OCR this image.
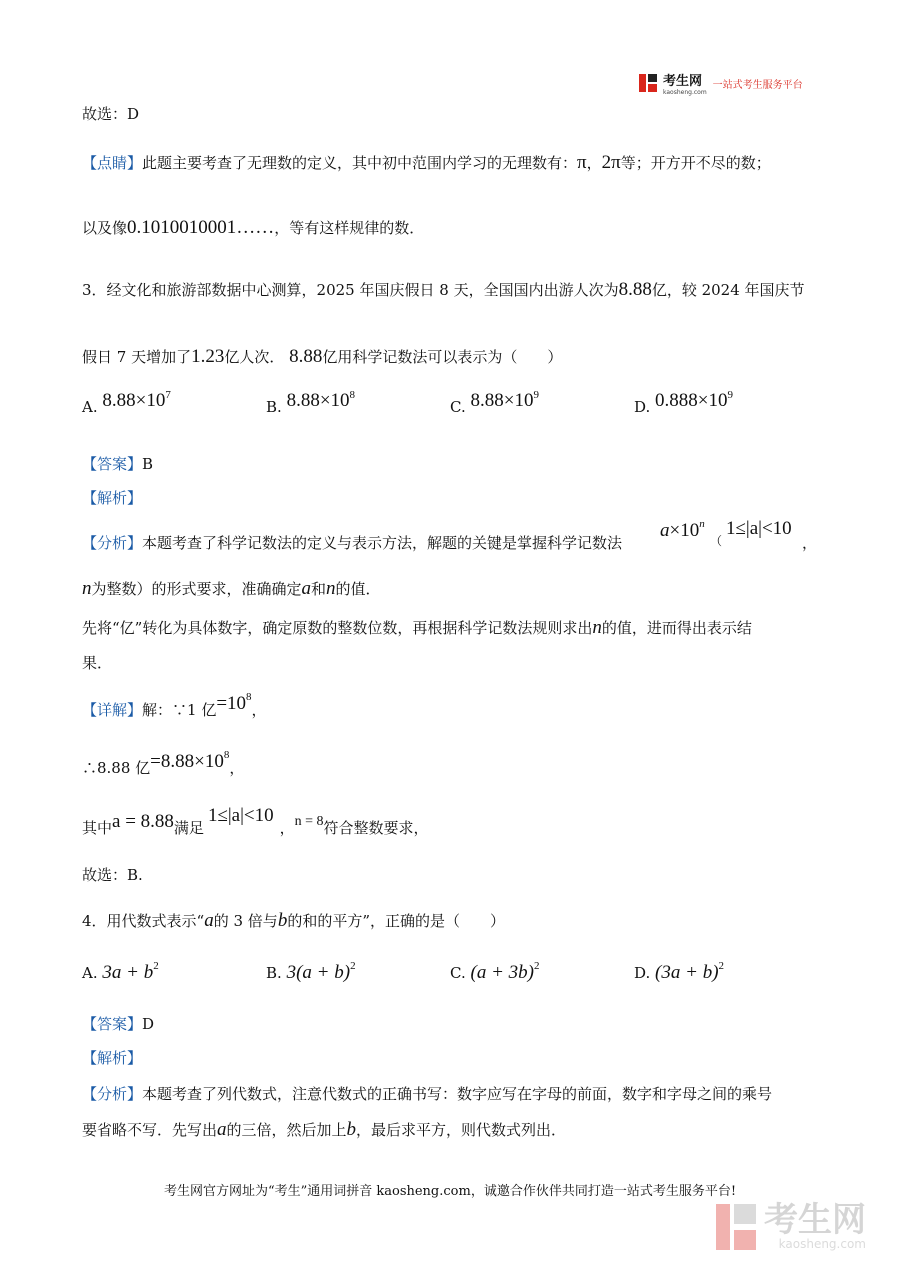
考生网
kaosheng.com
一站式考生服务平台
故选：D
【点睛】此题主要考查了无理数的定义，其中初中范围内学习的无理数有：π，2π等；开方开不尽的数；
以及像0.1010010001……，等有这样规律的数．
3．经文化和旅游部数据中心测算，2025 年国庆假日 8 天，全国国内出游人次为8.88亿，较 2024 年国庆节
假日 7 天增加了1.23亿人次． 8.88亿用科学记数法可以表示为（　　）
A. $8.88\times 10^7$
B. $8.88\times 10^8$
C. $8.88\times 10^9$
D. $0.888\times 10^9$
【答案】B
【解析】
【分析】本题考查了科学记数法的定义与表示方法，解题的关键是掌握科学记数法
$a\times 10^n$
（
1≤|a|<10
，
n为整数）的形式要求，准确确定a和n的值．
先将“亿”转化为具体数字，确定原数的整数位数，再根据科学记数法规则求出n的值，进而得出表示结
果．
【详解】解：∵1 亿$=10^8$，
∴8.88 亿$=8.88\times 10^8$，
其中a = 8.88满足1≤|a|<10，n = 8符合整数要求，
故选：B.
4．用代数式表示“a的 3 倍与b的和的平方”，正确的是（　　）
A. $3a + b^2$	B. $3(a + b)^2$	C. $(a + 3b)^2$	D. $(3a + b)^2$
【答案】D
【解析】
【分析】本题考查了列代数式，注意代数式的正确书写：数字应写在字母的前面，数字和字母之间的乘号
要省略不写．先写出a的三倍，然后加上b，最后求平方，则代数式列出．
考生网官方网址为“考生”通用词拼音 kaosheng.com，诚邀合作伙伴共同打造一站式考生服务平台!
考生网
kaosheng.com
